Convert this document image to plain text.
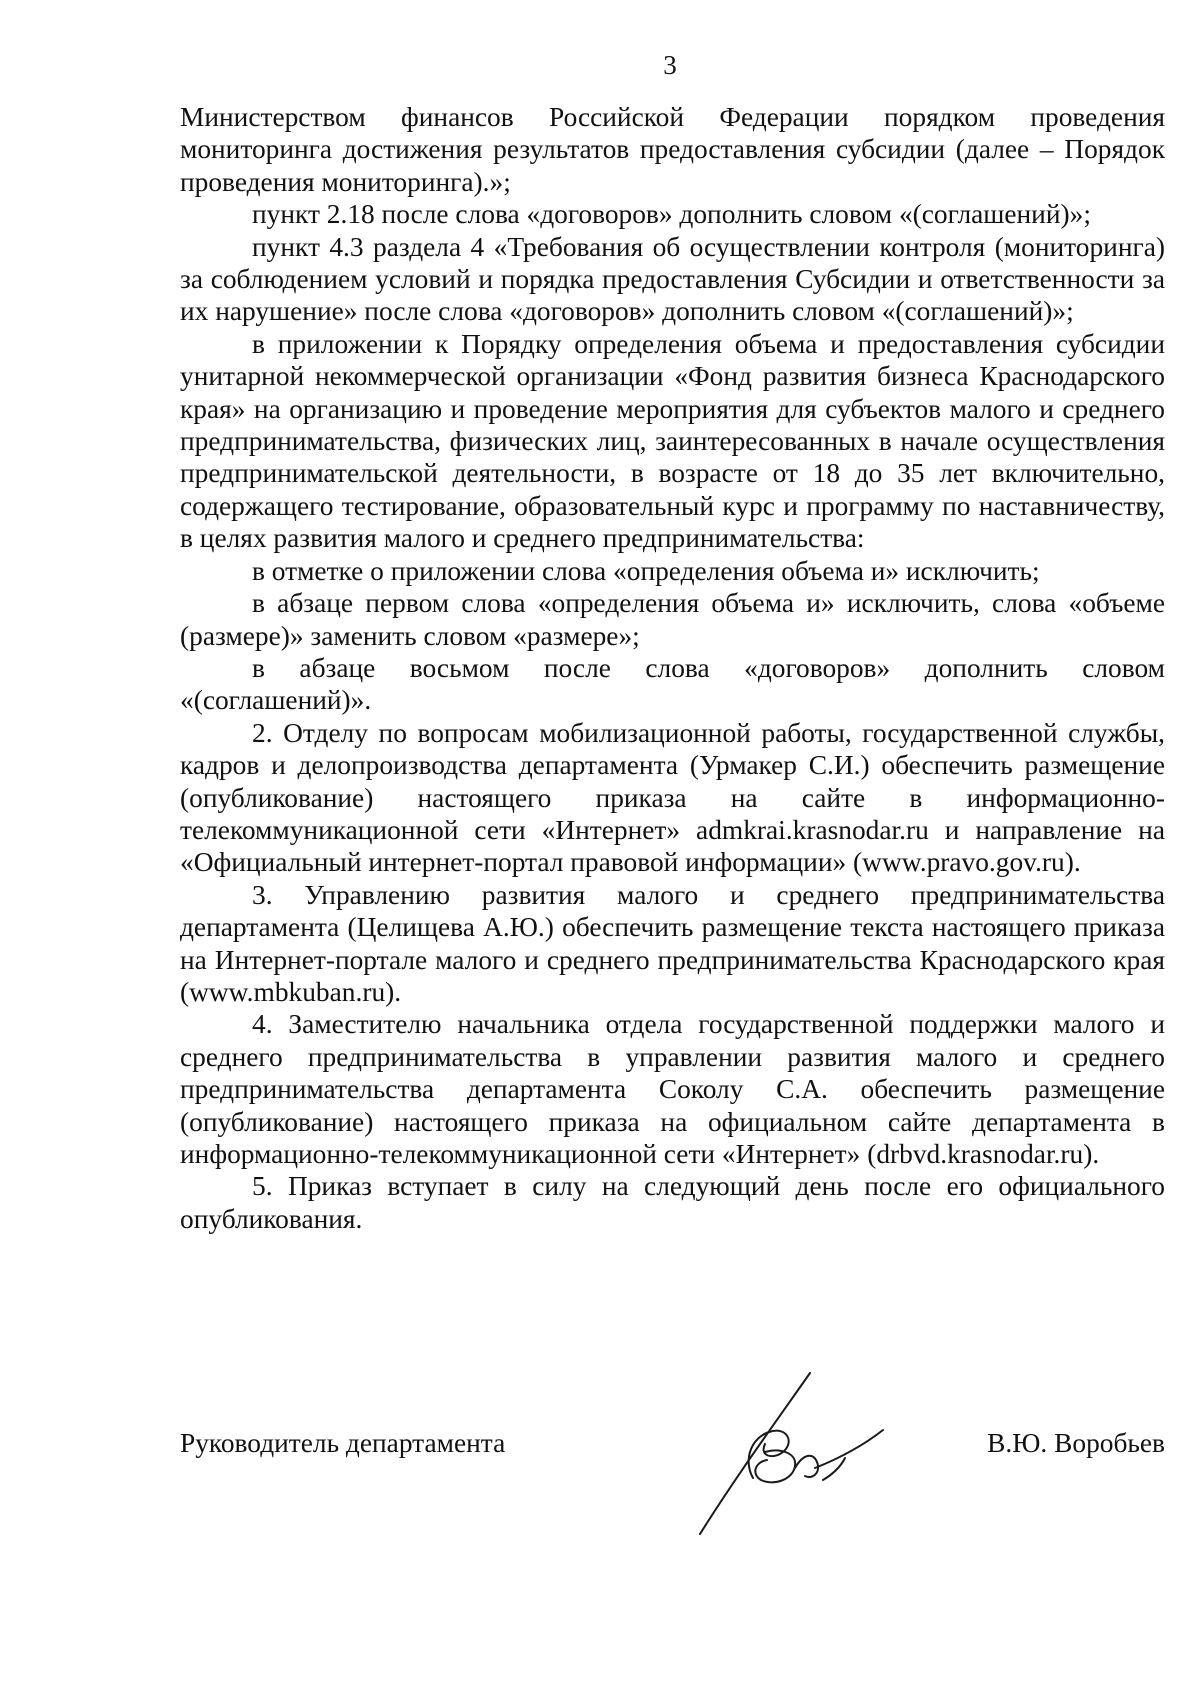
3

Министерством финансов Российской Федерации порядком проведения мониторинга достижения результатов предоставления субсидии (далее – Порядок проведения мониторинга).»;

пункт 2.18 после слова «договоров» дополнить словом «(соглашений)»;

пункт 4.3 раздела 4 «Требования об осуществлении контроля (мониторинга) за соблюдением условий и порядка предоставления Субсидии и ответственности за их нарушение» после слова «договоров» дополнить словом «(соглашений)»;

в приложении к Порядку определения объема и предоставления субсидии унитарной некоммерческой организации «Фонд развития бизнеса Краснодарского края» на организацию и проведение мероприятия для субъектов малого и среднего предпринимательства, физических лиц, заинтересованных в начале осуществления предпринимательской деятельности, в возрасте от 18 до 35 лет включительно, содержащего тестирование, образовательный курс и программу по наставничеству, в целях развития малого и среднего предпринимательства:

в отметке о приложении слова «определения объема и» исключить;

в абзаце первом слова «определения объема и» исключить, слова «объеме (размере)» заменить словом «размере»;

в абзаце восьмом после слова «договоров» дополнить словом «(соглашений)».

2. Отделу по вопросам мобилизационной работы, государственной службы, кадров и делопроизводства департамента (Урмакер С.И.) обеспечить размещение (опубликование) настоящего приказа на сайте в информационно-телекоммуникационной сети «Интернет» admkrai.krasnodar.ru и направление на «Официальный интернет-портал правовой информации» (www.pravo.gov.ru).

3. Управлению развития малого и среднего предпринимательства департамента (Целищева А.Ю.) обеспечить размещение текста настоящего приказа на Интернет-портале малого и среднего предпринимательства Краснодарского края (www.mbkuban.ru).

4. Заместителю начальника отдела государственной поддержки малого и среднего предпринимательства в управлении развития малого и среднего предпринимательства департамента Соколу С.А. обеспечить размещение (опубликование) настоящего приказа на официальном сайте департамента в информационно-телекоммуникационной сети «Интернет» (drbvd.krasnodar.ru).

5. Приказ вступает в силу на следующий день после его официального опубликования.

Руководитель департамента	В.Ю. Воробьев
